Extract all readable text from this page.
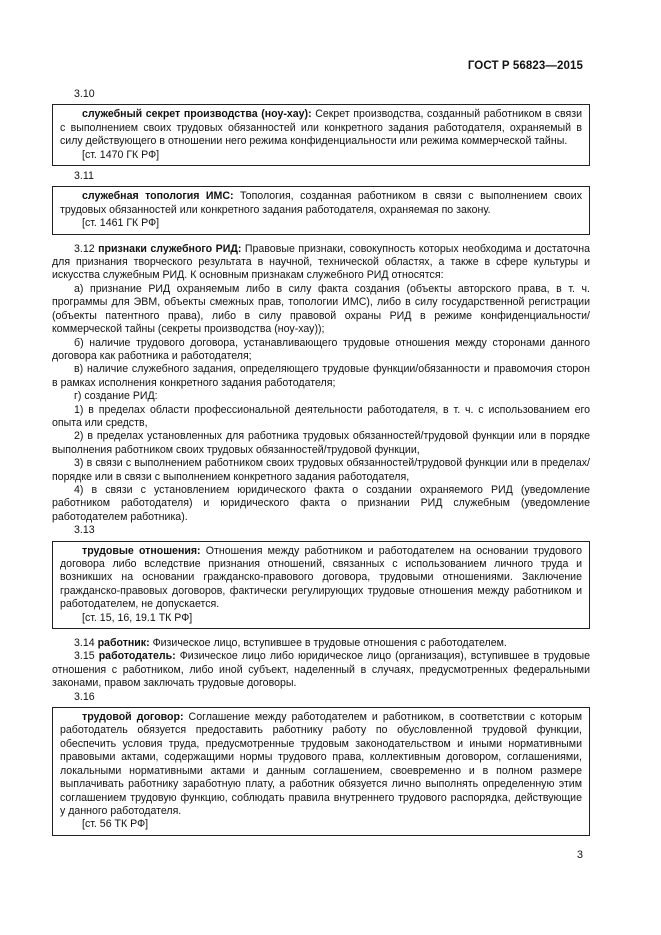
ГОСТ Р 56823—2015

3.10

служебный секрет производства (ноу-хау): Секрет производства, созданный работником в связи с выполнением своих трудовых обязанностей или конкретного задания работодателя, охраняемый в силу действующего в отношении него режима конфиденциальности или режима коммерческой тайны.

[ст. 1470 ГК РФ]

3.11

служебная топология ИМС: Топология, созданная работником в связи с выполнением своих трудовых обязанностей или конкретного задания работодателя, охраняемая по закону.

[ст. 1461 ГК РФ]

3.12 признаки служебного РИД: Правовые признаки, совокупность которых необходима и достаточна для признания творческого результата в научной, технической областях, а также в сфере культуры и искусства служебным РИД. К основным признакам служебного РИД относятся:

а) признание РИД охраняемым либо в силу факта создания (объекты авторского права, в т. ч. программы для ЭВМ, объекты смежных прав, топологии ИМС), либо в силу государственной регистрации (объекты патентного права), либо в силу правовой охраны РИД в режиме конфиденциальности/коммерческой тайны (секреты производства (ноу-хау));

б) наличие трудового договора, устанавливающего трудовые отношения между сторонами данного договора как работника и работодателя;

в) наличие служебного задания, определяющего трудовые функции/обязанности и правомочия сторон в рамках исполнения конкретного задания работодателя;

г) создание РИД:

1) в пределах области профессиональной деятельности работодателя, в т. ч. с использованием его опыта или средств,

2) в пределах установленных для работника трудовых обязанностей/трудовой функции или в порядке выполнения работником своих трудовых обязанностей/трудовой функции,

3) в связи с выполнением работником своих трудовых обязанностей/трудовой функции или в пределах/порядке или в связи с выполнением конкретного задания работодателя,

4) в связи с установлением юридического факта о создании охраняемого РИД (уведомление работником работодателя) и юридического факта о признании РИД служебным (уведомление работодателем работника).

3.13

трудовые отношения: Отношения между работником и работодателем на основании трудового договора либо вследствие признания отношений, связанных с использованием личного труда и возникших на основании гражданско-правового договора, трудовыми отношениями. Заключение гражданско-правовых договоров, фактически регулирующих трудовые отношения между работником и работодателем, не допускается.

[ст. 15, 16, 19.1 ТК РФ]

3.14 работник: Физическое лицо, вступившее в трудовые отношения с работодателем.

3.15 работодатель: Физическое лицо либо юридическое лицо (организация), вступившее в трудовые отношения с работником, либо иной субъект, наделенный в случаях, предусмотренных федеральными законами, правом заключать трудовые договоры.

3.16

трудовой договор: Соглашение между работодателем и работником, в соответствии с которым работодатель обязуется предоставить работнику работу по обусловленной трудовой функции, обеспечить условия труда, предусмотренные трудовым законодательством и иными нормативными правовыми актами, содержащими нормы трудового права, коллективным договором, соглашениями, локальными нормативными актами и данным соглашением, своевременно и в полном размере выплачивать работнику заработную плату, а работник обязуется лично выполнять определенную этим соглашением трудовую функцию, соблюдать правила внутреннего трудового распорядка, действующие у данного работодателя.

[ст. 56 ТК РФ]

3
